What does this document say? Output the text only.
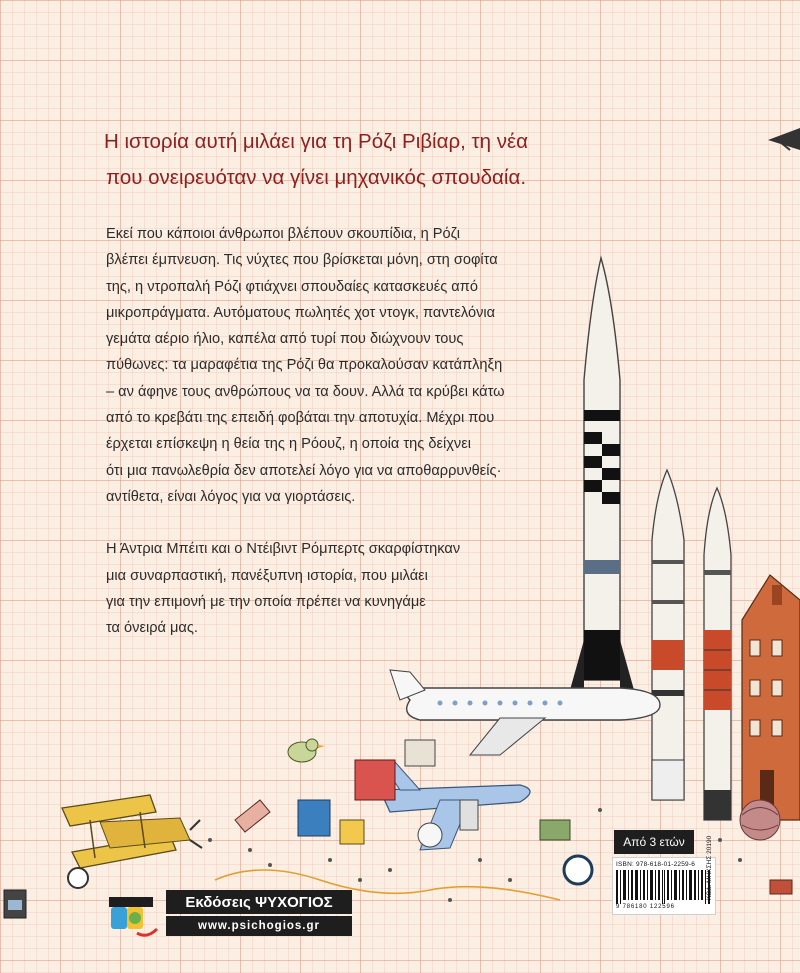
Η ιστορία αυτή μιλάει για τη Ρόζι Ριβίαρ, τη νέα
που ονειρευόταν να γίνει μηχανικός σπουδαία.

Εκεί που κάποιοι άνθρωποι βλέπουν σκουπίδια, η Ρόζι
βλέπει έμπνευση. Τις νύχτες που βρίσκεται μόνη, στη σοφίτα
της, η ντροπαλή Ρόζι φτιάχνει σπουδαίες κατασκευές από
μικροπράγματα. Αυτόματους πωλητές χοτ ντογκ, παντελόνια
γεμάτα αέριο ήλιο, καπέλα από τυρί που διώχνουν τους
πύθωνες: τα μαραφέτια της Ρόζι θα προκαλούσαν κατάπληξη
– αν άφηνε τους ανθρώπους να τα δουν. Αλλά τα κρύβει κάτω
από το κρεβάτι της επειδή φοβάται την αποτυχία. Μέχρι που
έρχεται επίσκεψη η θεία της η Ρόουζ, η οποία της δείχνει
ότι μια πανωλεθρία δεν αποτελεί λόγο για να αποθαρρυνθείς·
αντίθετα, είναι λόγος για να γιορτάσεις.

Η Άντρια Μπέιτι και ο Ντέιβιντ Ρόμπερτς σκαρφίστηκαν
μια συναρπαστική, πανέξυπνη ιστορία, που μιλάει
για την επιμονή με την οποία πρέπει να κυνηγάμε
τα όνειρά μας.

Από 3 ετών
ISBN: 978-618-01-2259-6
9 786180 122596
ΚΩΔ. ΜΗΧΣΗΣ 20190
Εκδόσεις ΨΥΧΟΓΙΟΣ
www.psichogios.gr
